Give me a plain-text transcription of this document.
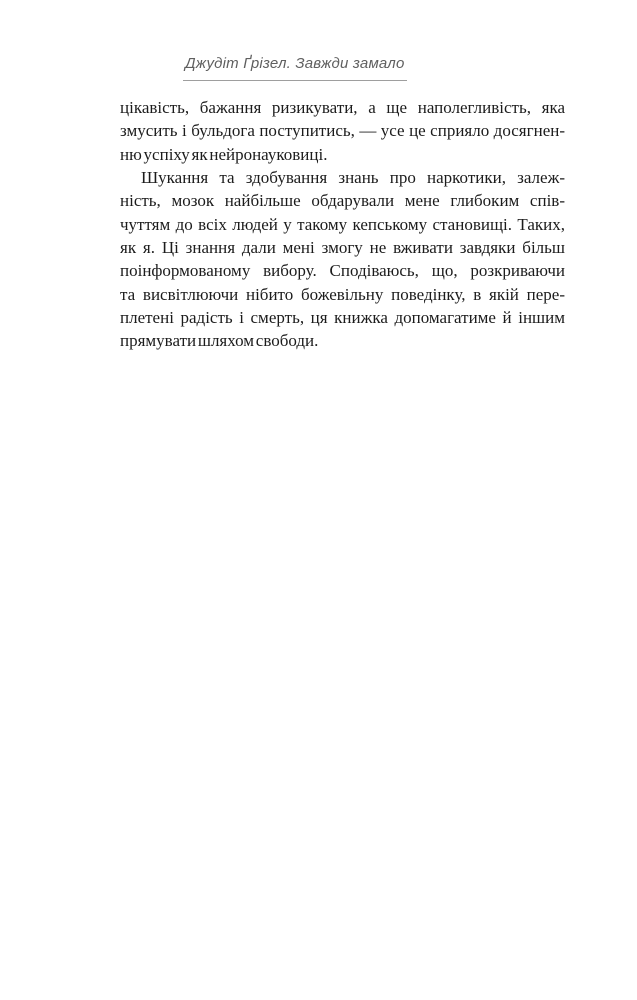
Джудіт Ґрізел. Завжди замало
цікавість, бажання ризикувати, а ще наполегливість, яка
змусить і бульдога поступитись, — усе це сприяло досягнен-
ню успіху як нейронауковиці.
Шукання та здобування знань про наркотики, залеж-
ність, мозок найбільше обдарували мене глибоким спів-
чуттям до всіх людей у такому кепському становищі. Таких,
як я. Ці знання дали мені змогу не вживати завдяки більш
поінформованому вибору. Сподіваюсь, що, розкриваючи
та висвітлюючи нібито божевільну поведінку, в якій пере-
плетені радість і смерть, ця книжка допомагатиме й іншим
прямувати шляхом свободи.
